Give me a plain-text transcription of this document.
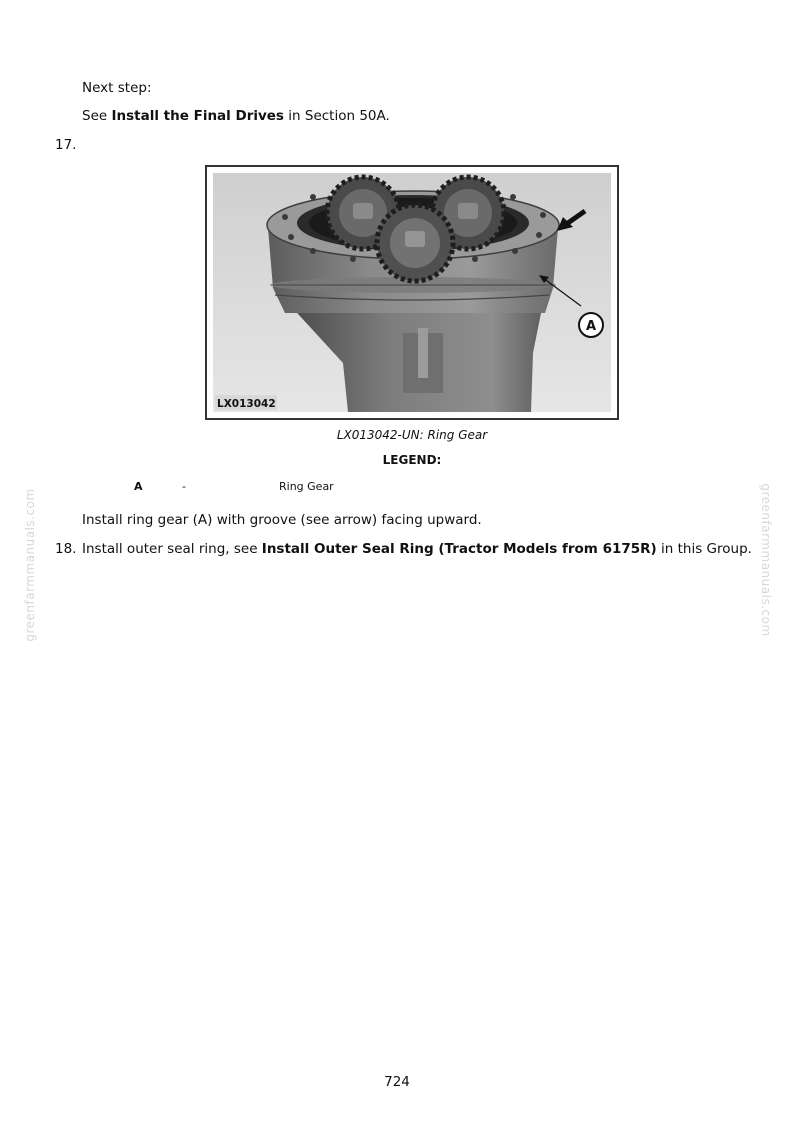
greenfarmmanuals.com	greenfarmmanuals.com
Next step:
See Install the Final Drives in Section 50A.
17.
A
LX013042
LX013042-UN: Ring Gear
LEGEND:
A	-	Ring Gear
Install ring gear (A) with groove (see arrow) facing upward.
18. Install outer seal ring, see Install Outer Seal Ring (Tractor Models from 6175R) in this Group.
724
